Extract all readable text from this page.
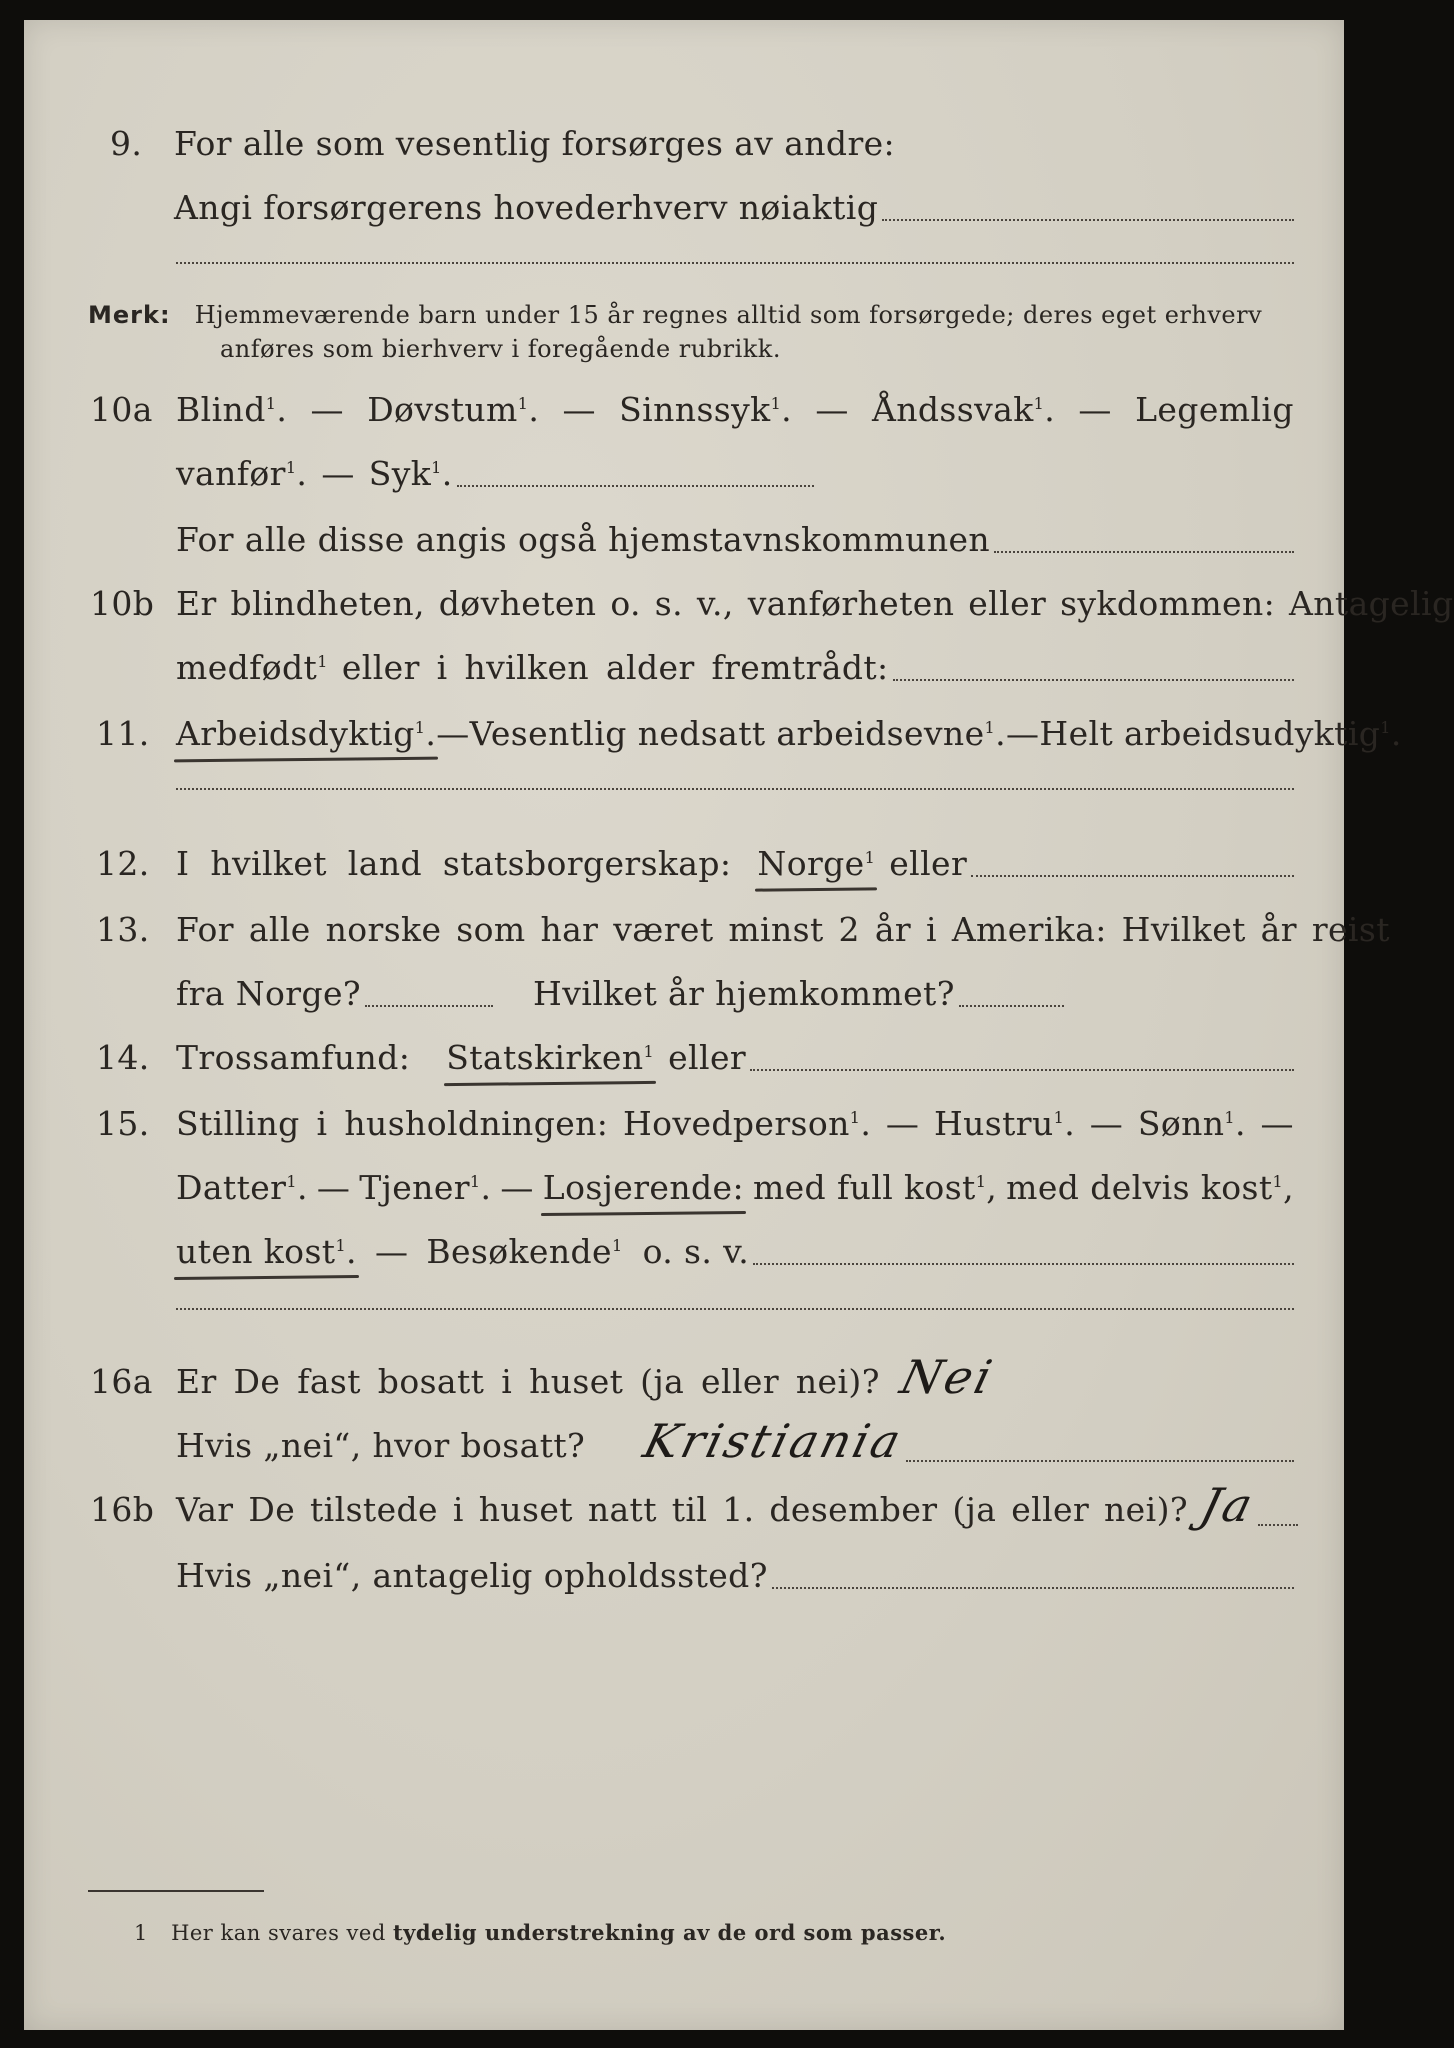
9. For alle som vesentlig forsørges av andre:
Angi forsørgerens hovederhverv nøiaktig
Merk: Hjemmeværende barn under 15 år regnes alltid som forsørgede; deres eget erhverv
anføres som bierhverv i foregående rubrikk.
10a Blind$^1$. — Døvstum$^1$. — Sinnssyk$^1$. — Åndssvak$^1$. — Legemlig
vanfør$^1$. — Syk$^1$.
For alle disse angis også hjemstavnskommunen
10b Er blindheten, døvheten o. s. v., vanførheten eller sykdommen: Antagelig
medfødt$^1$ eller i hvilken alder fremtrådt:
11. Arbeidsdyktig$^1$. — Vesentlig nedsatt arbeidsevne$^1$. — Helt arbeidsudyktig$^1$.
12. I hvilket land statsborgerskap: Norge$^1$ eller
13. For alle norske som har været minst 2 år i Amerika: Hvilket år reist
fra Norge?	Hvilket år hjemkommet?
14. Trossamfund: Statskirken$^1$ eller
15. Stilling i husholdningen: Hovedperson$^1$. — Hustru$^1$. — Sønn$^1$. —
Datter$^1$. — Tjener$^1$. — Losjerende: med full kost$^1$, med delvis kost$^1$,
uten kost$^1$. — Besøkende$^1$ o. s. v.
16a Er De fast bosatt i huset (ja eller nei)? Nei
Hvis „nei“, hvor bosatt? Kristiania
16b Var De tilstede i huset natt til 1. desember (ja eller nei)? Ja
Hvis „nei“, antagelig opholdssted?
1 Her kan svares ved tydelig understrekning av de ord som passer.
